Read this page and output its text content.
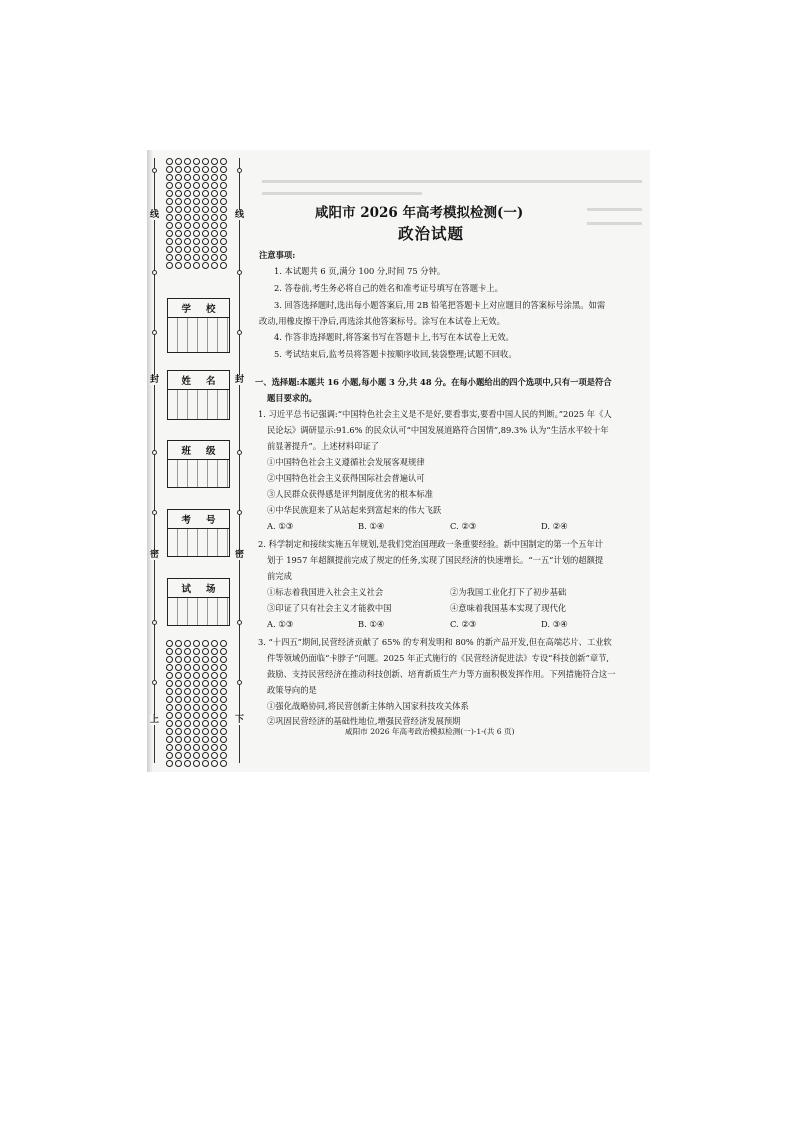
线
封
密
上
线
封
密
下
学 校
姓 名
班 级
考 号
试 场
咸阳市 2026 年高考模拟检测(一)
政治试题
注意事项:
1. 本试题共 6 页,满分 100 分,时间 75 分钟。
2. 答卷前,考生务必将自己的姓名和准考证号填写在答题卡上。
3. 回答选择题时,选出每小题答案后,用 2B 铅笔把答题卡上对应题目的答案标号涂黑。如需
改动,用橡皮擦干净后,再选涂其他答案标号。涂写在本试卷上无效。
4. 作答非选择题时,将答案书写在答题卡上,书写在本试卷上无效。
5. 考试结束后,监考员将答题卡按顺序收回,装袋整理;试题不回收。
一、选择题:本题共 16 小题,每小题 3 分,共 48 分。在每小题给出的四个选项中,只有一项是符合
题目要求的。
1. 习近平总书记强调:“中国特色社会主义是不是好,要看事实,要看中国人民的判断。”2025 年《人
民论坛》调研显示:91.6% 的民众认可“中国发展道路符合国情”,89.3% 认为“生活水平较十年
前显著提升”。上述材料印证了
①中国特色社会主义遵循社会发展客观规律
②中国特色社会主义获得国际社会普遍认可
③人民群众获得感是评判制度优劣的根本标准
④中华民族迎来了从站起来到富起来的伟大飞跃
A. ①③	B. ①④	C. ②③	D. ②④
2. 科学制定和接续实施五年规划,是我们党治国理政一条重要经验。新中国制定的第一个五年计
划于 1957 年超额提前完成了规定的任务,实现了国民经济的快速增长。“一五”计划的超额提
前完成
①标志着我国进入社会主义社会	②为我国工业化打下了初步基础
③印证了只有社会主义才能救中国	④意味着我国基本实现了现代化
A. ①③	B. ①④	C. ②③	D. ③④
3. “十四五”期间,民营经济贡献了 65% 的专利发明和 80% 的新产品开发,但在高端芯片、工业软
件等领域仍面临“卡脖子”问题。2025 年正式施行的《民营经济促进法》专设“科技创新”章节,
鼓励、支持民营经济在推动科技创新、培育新质生产力等方面积极发挥作用。下列措施符合这一
政策导向的是
①强化战略协同,将民营创新主体纳入国家科技攻关体系
②巩固民营经济的基础性地位,增强民营经济发展预期
咸阳市 2026 年高考政治模拟检测(一)-1-(共 6 页)
